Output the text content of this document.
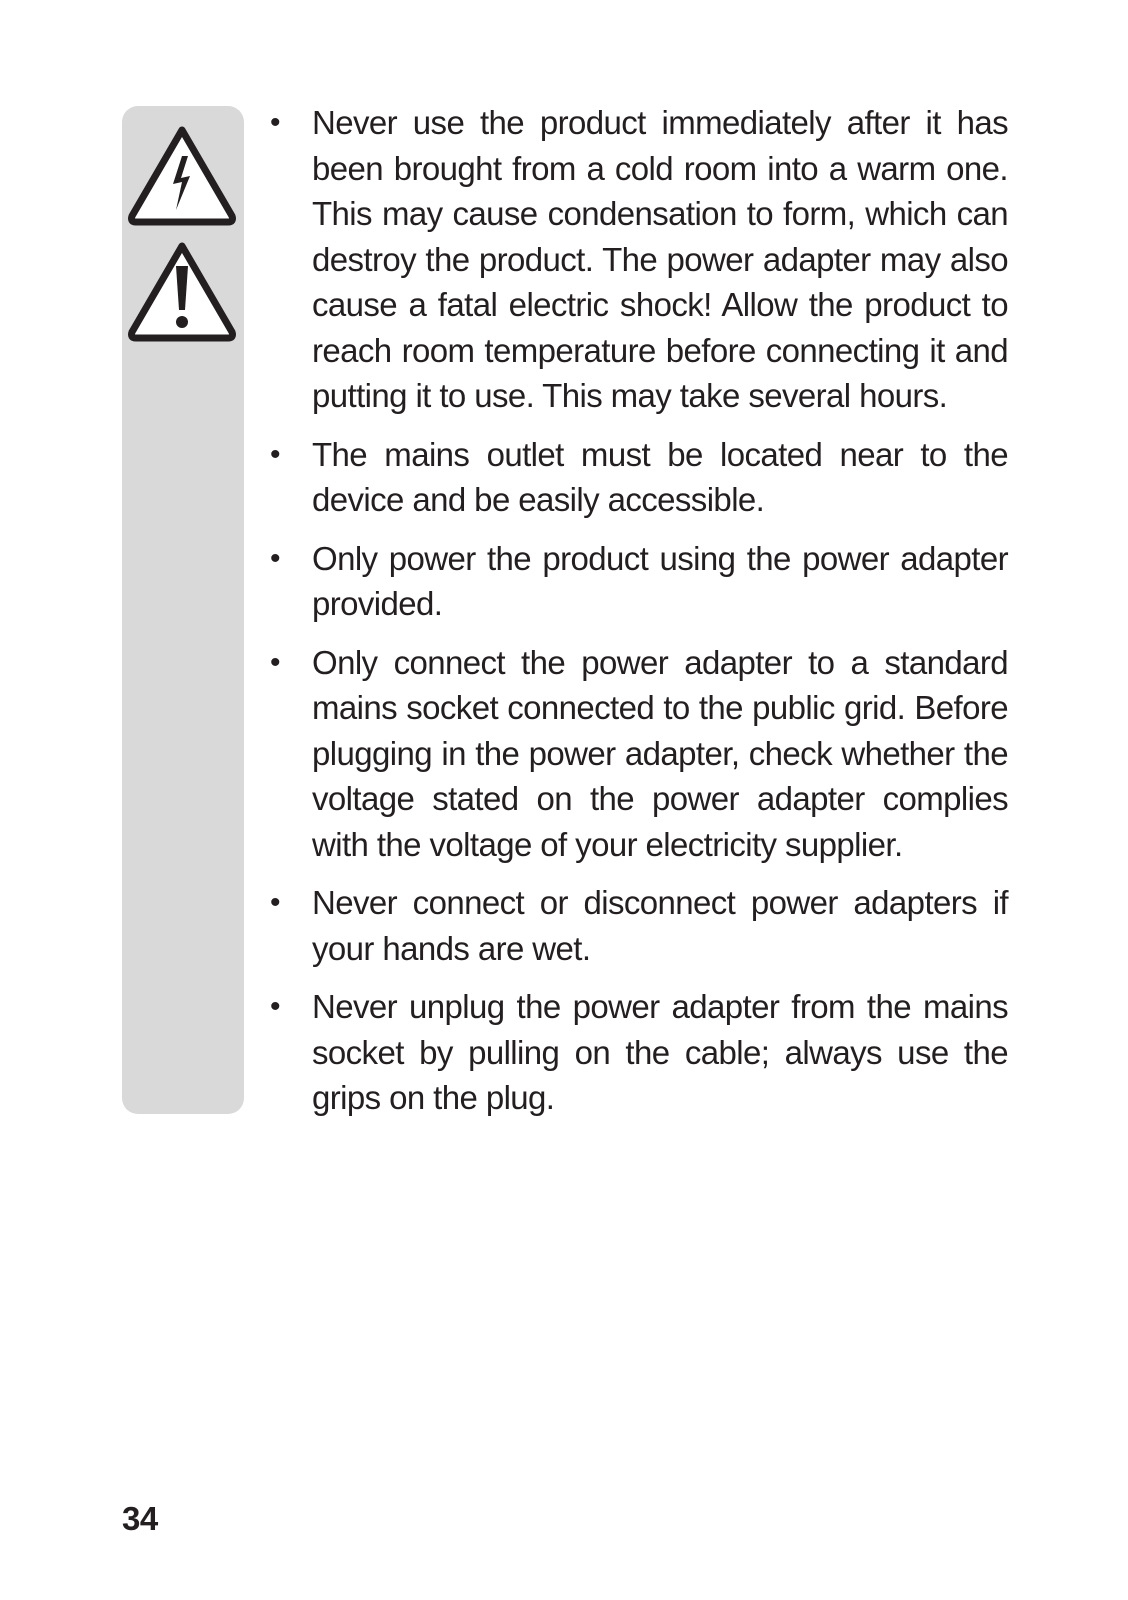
• Never use the product immediately after it has been brought from a cold room into a warm one. This may cause condensation to form, which can destroy the product. The power adapter may also cause a fatal electric shock! Allow the product to reach room temperature before connecting it and putting it to use. This may take several hours.
• The mains outlet must be located near to the device and be easily accessible.
• Only power the product using the power adapter provided.
• Only connect the power adapter to a standard mains socket connected to the public grid. Before plugging in the power adapter, check whether the voltage stated on the power adapter complies with the voltage of your electricity supplier.
• Never connect or disconnect power adapters if your hands are wet.
• Never unplug the power adapter from the mains socket by pulling on the cable; always use the grips on the plug.
34
